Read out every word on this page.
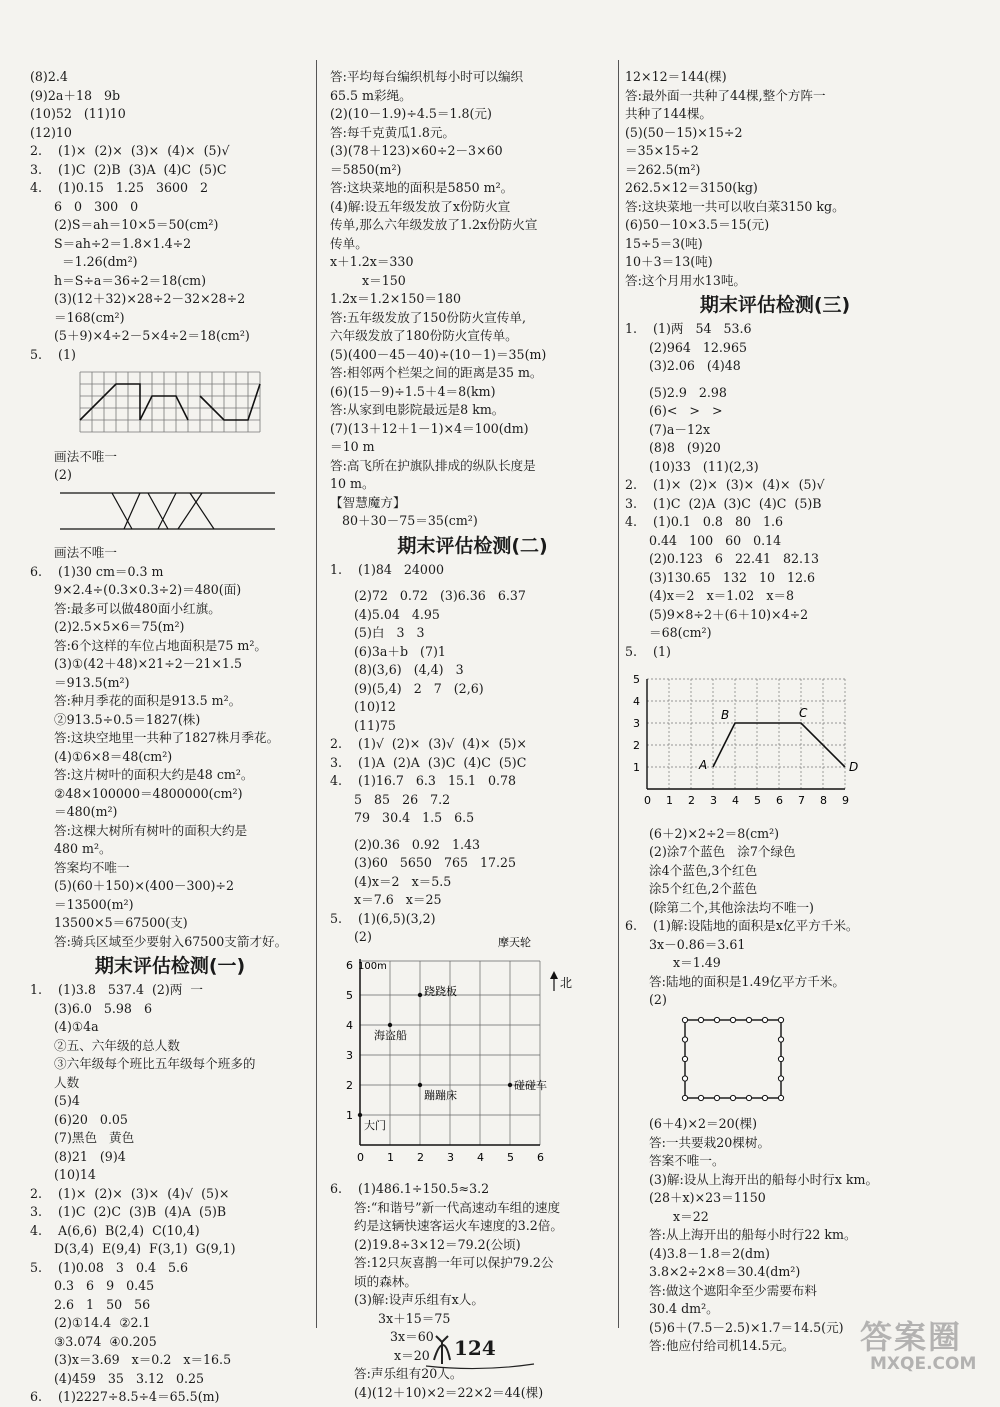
(8)2.4
(9)2a＋18   9b
(10)52   (11)10
(12)10
2.    (1)×  (2)×  (3)×  (4)×  (5)√
3.    (1)C  (2)B  (3)A  (4)C  (5)C
4.    (1)0.15   1.25   3600   2
6   0   300   0
(2)S＝ah＝10×5＝50(cm²)
S＝ah÷2＝1.8×1.4÷2
＝1.26(dm²)
h＝S÷a＝36÷2＝18(cm)
(3)(12＋32)×28÷2－32×28÷2
＝168(cm²)
(5＋9)×4÷2－5×4÷2＝18(cm²)
5.    (1)
画法不唯一
(2)
画法不唯一
6.    (1)30 cm＝0.3 m
9×2.4÷(0.3×0.3÷2)＝480(面)
答:最多可以做480面小红旗。
(2)2.5×5×6＝75(m²)
答:6个这样的车位占地面积是75 m²。
(3)①(42＋48)×21÷2－21×1.5
＝913.5(m²)
答:种月季花的面积是913.5 m²。
②913.5÷0.5＝1827(株)
答:这块空地里一共种了1827株月季花。
(4)①6×8＝48(cm²)
答:这片树叶的面积大约是48 cm²。
②48×100000＝4800000(cm²)
＝480(m²)
答:这棵大树所有树叶的面积大约是
480 m²。
答案均不唯一
(5)(60＋150)×(400－300)÷2
＝13500(m²)
13500×5＝67500(支)
答:骑兵区域至少要射入67500支箭才好。
期末评估检测(一)
1.    (1)3.8   537.4  (2)两  一
(3)6.0   5.98   6
(4)①4a
②五、六年级的总人数
③六年级每个班比五年级每个班多的
人数
(5)4
(6)20   0.05
(7)黑色   黄色
(8)21   (9)4
(10)14
2.    (1)×  (2)×  (3)×  (4)√  (5)×
3.    (1)C  (2)C  (3)B  (4)A  (5)B
4.    A(6,6)  B(2,4)  C(10,4)
D(3,4)  E(9,4)  F(3,1)  G(9,1)
5.    (1)0.08   3   0.4   5.6
0.3   6   9   0.45
2.6   1   50   56
(2)①14.4  ②2.1
③3.074  ④0.205
(3)x＝3.69   x＝0.2   x＝16.5
(4)459   35   3.12   0.25
6.    (1)2227÷8.5÷4＝65.5(m)
答:平均每台编织机每小时可以编织
65.5 m彩绳。
(2)(10－1.9)÷4.5＝1.8(元)
答:每千克黄瓜1.8元。
(3)(78＋123)×60÷2－3×60
＝5850(m²)
答:这块菜地的面积是5850 m²。
(4)解:设五年级发放了x份防火宣
传单,那么六年级发放了1.2x份防火宣
传单。
x＋1.2x＝330
x＝150
1.2x＝1.2×150＝180
答:五年级发放了150份防火宣传单,
六年级发放了180份防火宣传单。
(5)(400－45－40)÷(10－1)＝35(m)
答:相邻两个栏架之间的距离是35 m。
(6)(15－9)÷1.5＋4＝8(km)
答:从家到电影院最远是8 km。
(7)(13＋12＋1－1)×4＝100(dm)
＝10 m
答:高飞所在护旗队排成的纵队长度是
10 m。
【智慧魔方】
80＋30－75＝35(cm²)
期末评估检测(二)
1.    (1)84   24000
(2)72   0.72   (3)6.36   6.37
(4)5.04   4.95
(5)白   3   3
(6)3a＋b   (7)1
(8)(3,6)   (4,4)   3
(9)(5,4)   2   7   (2,6)
(10)12
(11)75
2.    (1)√  (2)×  (3)√  (4)×  (5)×
3.    (1)A  (2)A  (3)C  (4)C  (5)C
4.    (1)16.7   6.3   15.1   0.78
5   85   26   7.2
79   30.4   1.5   6.5
(2)0.36   0.92   1.43
(3)60   5650   765   17.25
(4)x＝2   x＝5.5
x＝7.6   x＝25
5.    (1)(6,5)(3,2)
(2)
0 1 2 3 4 5 6
1
2
3
4
5
6 100m
北
摩天轮
跷跷板
海盗船
蹦蹦床
碰碰车
大门
6.    (1)486.1÷150.5≈3.2
答:“和谐号”新一代高速动车组的速度
约是这辆快速客运火车速度的3.2倍。
(2)19.8÷3×12＝79.2(公顷)
答:12只灰喜鹊一年可以保护79.2公
顷的森林。
(3)解:设声乐组有x人。
3x＋15＝75
3x＝60
x＝20
答:声乐组有20人。
(4)(12＋10)×2＝22×2＝44(棵)
12×12＝144(棵)
答:最外面一共种了44棵,整个方阵一
共种了144棵。
(5)(50－15)×15÷2
＝35×15÷2
＝262.5(m²)
262.5×12＝3150(kg)
答:这块菜地一共可以收白菜3150 kg。
(6)50－10×3.5＝15(元)
15÷5＝3(吨)
10＋3＝13(吨)
答:这个月用水13吨。
期末评估检测(三)
1.    (1)两   54   53.6
(2)964   12.965
(3)2.06   (4)48
(5)2.9   2.98
(6)<   >   >
(7)a－12x
(8)8   (9)20
(10)33   (11)(2,3)
2.    (1)×  (2)×  (3)×  (4)×  (5)√
3.    (1)C  (2)A  (3)C  (4)C  (5)B
4.    (1)0.1   0.8   80   1.6
0.44   100   60   0.14
(2)0.123   6   22.41   82.13
(3)130.65   132   10   12.6
(4)x＝2   x＝1.02   x＝8
(5)9×8÷2＋(6＋10)×4÷2
＝68(cm²)
5.    (1)
0 1 2 3 4 5 6 7 8 9
1
2
3
4
5
A
B	C
D
(6＋2)×2÷2＝8(cm²)
(2)涂7个蓝色   涂7个绿色
涂4个蓝色,3个红色
涂5个红色,2个蓝色
(除第二个,其他涂法均不唯一)
6.    (1)解:设陆地的面积是x亿平方千米。
3x－0.86＝3.61
x＝1.49
答:陆地的面积是1.49亿平方千米。
(2)
(6＋4)×2＝20(棵)
答:一共要栽20棵树。
答案不唯一。
(3)解:设从上海开出的船每小时行x km。
(28＋x)×23＝1150
x＝22
答:从上海开出的船每小时行22 km。
(4)3.8－1.8＝2(dm)
3.8×2÷2×8＝30.4(dm²)
答:做这个遮阳伞至少需要布料
30.4 dm²。
(5)6＋(7.5－2.5)×1.7＝14.5(元)
答:他应付给司机14.5元。
124	答案圈
MXQE.COM
